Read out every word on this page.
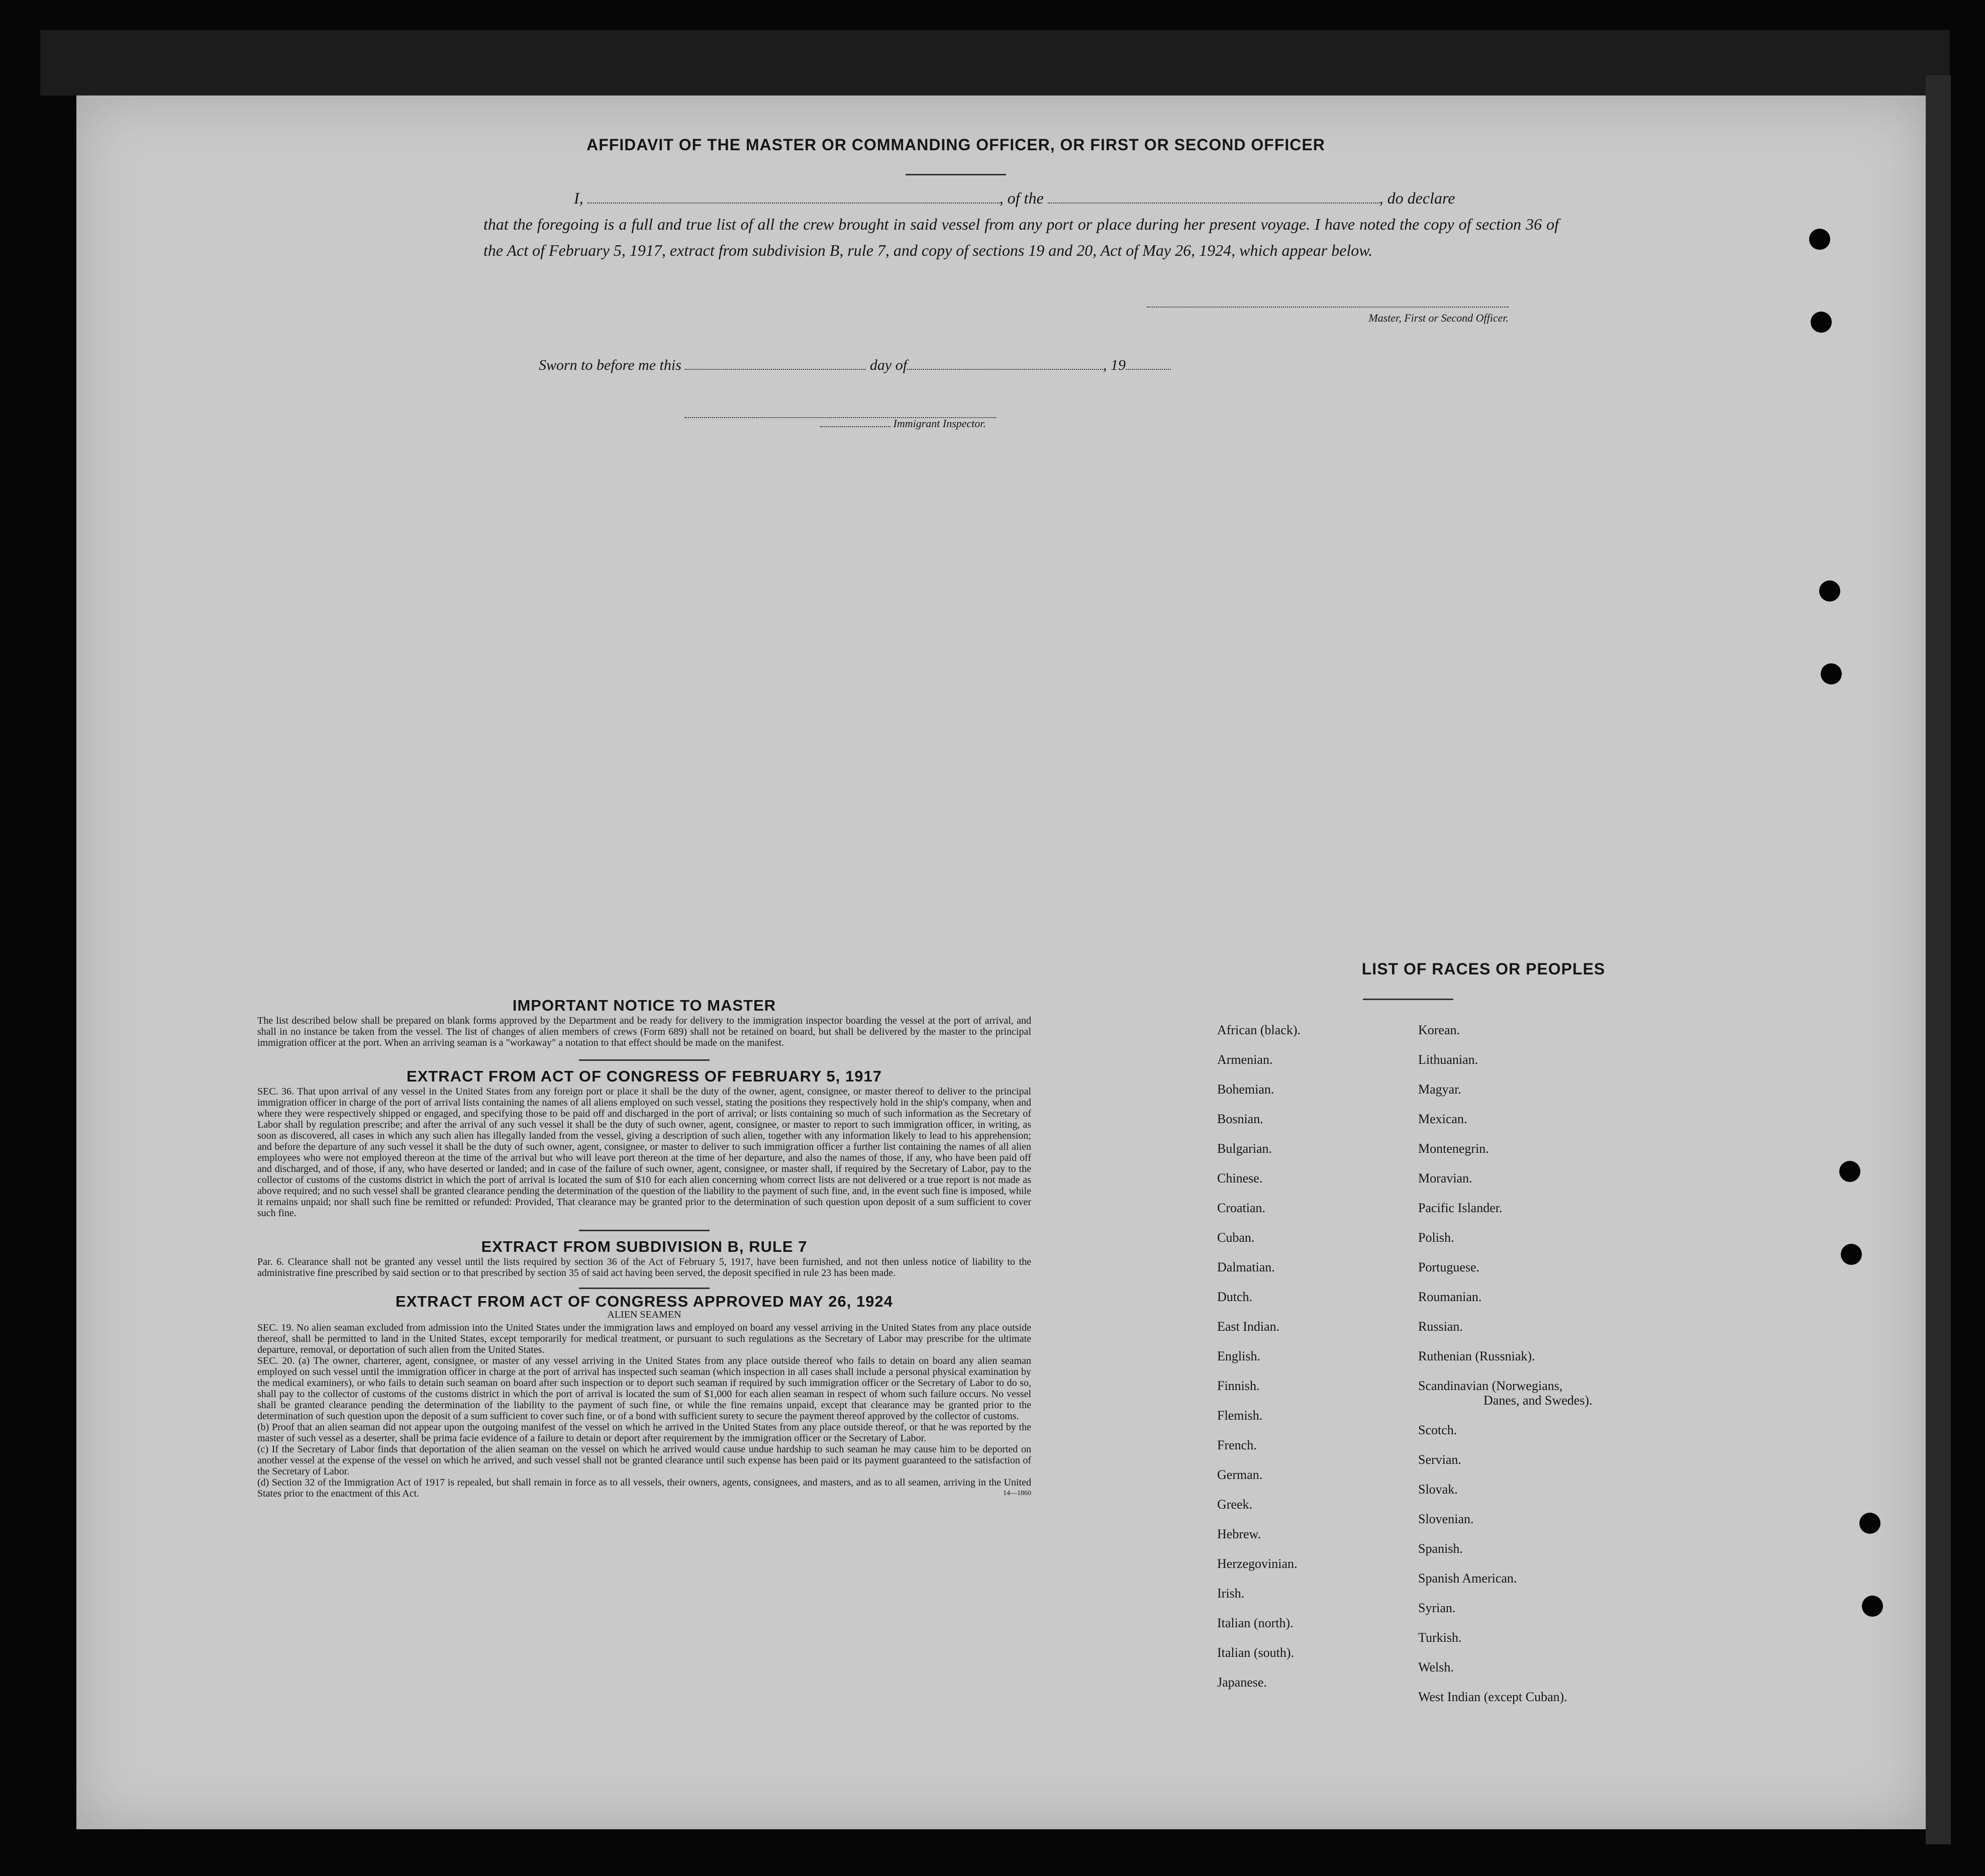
AFFIDAVIT OF THE MASTER OR COMMANDING OFFICER, OR FIRST OR SECOND OFFICER
I,	, of the	, do declare
that the foregoing is a full and true list of all the crew brought in said vessel from any port or place during her present voyage. I have noted the copy of section 36 of the Act of February 5, 1917, extract from subdivision B, rule 7, and copy of sections 19 and 20, Act of May 26, 1924, which appear below.
Master, First or Second Officer.
Sworn to before me this	day of	, 19
Immigrant Inspector.

IMPORTANT NOTICE TO MASTER

The list described below shall be prepared on blank forms approved by the Department and be ready for delivery to the immigration inspector boarding the vessel at the port of arrival, and shall in no instance be taken from the vessel. The list of changes of alien members of crews (Form 689) shall not be retained on board, but shall be delivered by the master to the principal immigration officer at the port. When an arriving seaman is a "workaway" a notation to that effect should be made on the manifest.

EXTRACT FROM ACT OF CONGRESS OF FEBRUARY 5, 1917

SEC. 36. That upon arrival of any vessel in the United States from any foreign port or place it shall be the duty of the owner, agent, consignee, or master thereof to deliver to the principal immigration officer in charge of the port of arrival lists containing the names of all aliens employed on such vessel, stating the positions they respectively hold in the ship's company, when and where they were respectively shipped or engaged, and specifying those to be paid off and discharged in the port of arrival; or lists containing so much of such information as the Secretary of Labor shall by regulation prescribe; and after the arrival of any such vessel it shall be the duty of such owner, agent, consignee, or master to report to such immigration officer, in writing, as soon as discovered, all cases in which any such alien has illegally landed from the vessel, giving a description of such alien, together with any information likely to lead to his apprehension; and before the departure of any such vessel it shall be the duty of such owner, agent, consignee, or master to deliver to such immigration officer a further list containing the names of all alien employees who were not employed thereon at the time of the arrival but who will leave port thereon at the time of her departure, and also the names of those, if any, who have been paid off and discharged, and of those, if any, who have deserted or landed; and in case of the failure of such owner, agent, consignee, or master shall, if required by the Secretary of Labor, pay to the collector of customs of the customs district in which the port of arrival is located the sum of $10 for each alien concerning whom correct lists are not delivered or a true report is not made as above required; and no such vessel shall be granted clearance pending the determination of the question of the liability to the payment of such fine, and, in the event such fine is imposed, while it remains unpaid; nor shall such fine be remitted or refunded: Provided, That clearance may be granted prior to the determination of such question upon deposit of a sum sufficient to cover such fine.

EXTRACT FROM SUBDIVISION B, RULE 7

Par. 6. Clearance shall not be granted any vessel until the lists required by section 36 of the Act of February 5, 1917, have been furnished, and not then unless notice of liability to the administrative fine prescribed by said section or to that prescribed by section 35 of said act having been served, the deposit specified in rule 23 has been made.

EXTRACT FROM ACT OF CONGRESS APPROVED MAY 26, 1924

ALIEN SEAMEN

SEC. 19. No alien seaman excluded from admission into the United States under the immigration laws and employed on board any vessel arriving in the United States from any place outside thereof, shall be permitted to land in the United States, except temporarily for medical treatment, or pursuant to such regulations as the Secretary of Labor may prescribe for the ultimate departure, removal, or deportation of such alien from the United States.

SEC. 20. (a) The owner, charterer, agent, consignee, or master of any vessel arriving in the United States from any place outside thereof who fails to detain on board any alien seaman employed on such vessel until the immigration officer in charge at the port of arrival has inspected such seaman (which inspection in all cases shall include a personal physical examination by the medical examiners), or who fails to detain such seaman on board after such inspection or to deport such seaman if required by such immigration officer or the Secretary of Labor to do so, shall pay to the collector of customs of the customs district in which the port of arrival is located the sum of $1,000 for each alien seaman in respect of whom such failure occurs. No vessel shall be granted clearance pending the determination of the liability to the payment of such fine, or while the fine remains unpaid, except that clearance may be granted prior to the determination of such question upon the deposit of a sum sufficient to cover such fine, or of a bond with sufficient surety to secure the payment thereof approved by the collector of customs.

(b) Proof that an alien seaman did not appear upon the outgoing manifest of the vessel on which he arrived in the United States from any place outside thereof, or that he was reported by the master of such vessel as a deserter, shall be prima facie evidence of a failure to detain or deport after requirement by the immigration officer or the Secretary of Labor.

(c) If the Secretary of Labor finds that deportation of the alien seaman on the vessel on which he arrived would cause undue hardship to such seaman he may cause him to be deported on another vessel at the expense of the vessel on which he arrived, and such vessel shall not be granted clearance until such expense has been paid or its payment guaranteed to the satisfaction of the Secretary of Labor.

(d) Section 32 of the Immigration Act of 1917 is repealed, but shall remain in force as to all vessels, their owners, agents, consignees, and masters, and as to all seamen, arriving in the United States prior to the enactment of this Act.	14—1860

LIST OF RACES OR PEOPLES
African (black).
Armenian.
Bohemian.
Bosnian.
Bulgarian.
Chinese.
Croatian.
Cuban.
Dalmatian.
Dutch.
East Indian.
English.
Finnish.
Flemish.
French.
German.
Greek.
Hebrew.
Herzegovinian.
Irish.
Italian (north).
Italian (south).
Japanese.
Korean.
Lithuanian.
Magyar.
Mexican.
Montenegrin.
Moravian.
Pacific Islander.
Polish.
Portuguese.
Roumanian.
Russian.
Ruthenian (Russniak).
Scandinavian (Norwegians,
Danes, and Swedes).
Scotch.
Servian.
Slovak.
Slovenian.
Spanish.
Spanish American.
Syrian.
Turkish.
Welsh.
West Indian (except Cuban).
